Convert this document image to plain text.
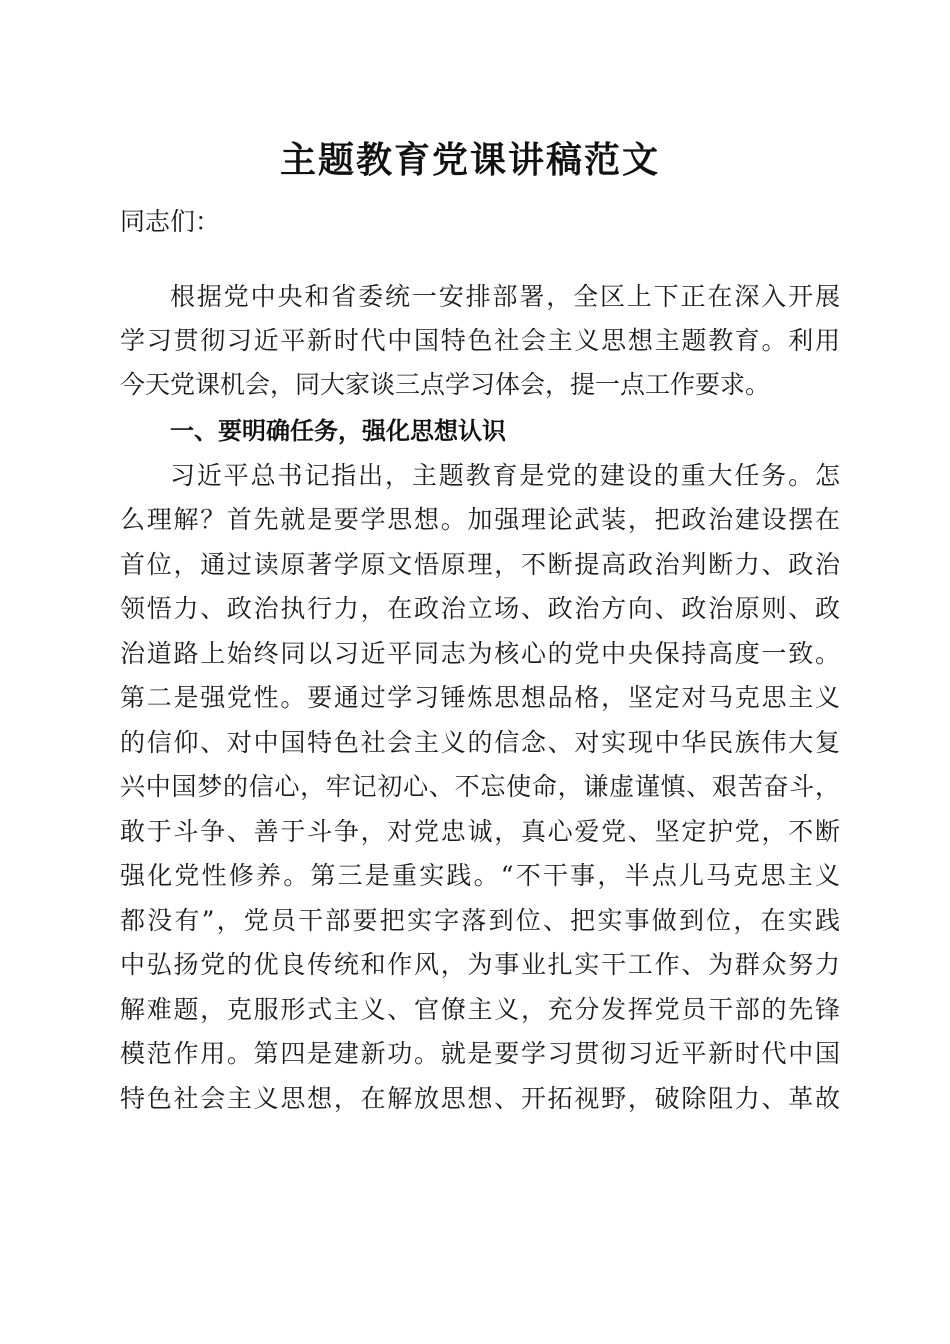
主题教育党课讲稿范文
同志们：
根据党中央和省委统一安排部署，全区上下正在深入开展
学习贯彻习近平新时代中国特色社会主义思想主题教育。利用
今天党课机会，同大家谈三点学习体会，提一点工作要求。
一、要明确任务，强化思想认识
习近平总书记指出，主题教育是党的建设的重大任务。怎
么理解？首先就是要学思想。加强理论武装，把政治建设摆在
首位，通过读原著学原文悟原理，不断提高政治判断力、政治
领悟力、政治执行力，在政治立场、政治方向、政治原则、政
治道路上始终同以习近平同志为核心的党中央保持高度一致。
第二是强党性。要通过学习锤炼思想品格，坚定对马克思主义
的信仰、对中国特色社会主义的信念、对实现中华民族伟大复
兴中国梦的信心，牢记初心、不忘使命，谦虚谨慎、艰苦奋斗，
敢于斗争、善于斗争，对党忠诚，真心爱党、坚定护党，不断
强化党性修养。第三是重实践。“不干事，半点儿马克思主义
都没有”，党员干部要把实字落到位、把实事做到位，在实践
中弘扬党的优良传统和作风，为事业扎实干工作、为群众努力
解难题，克服形式主义、官僚主义，充分发挥党员干部的先锋
模范作用。第四是建新功。就是要学习贯彻习近平新时代中国
特色社会主义思想，在解放思想、开拓视野，破除阻力、革故
